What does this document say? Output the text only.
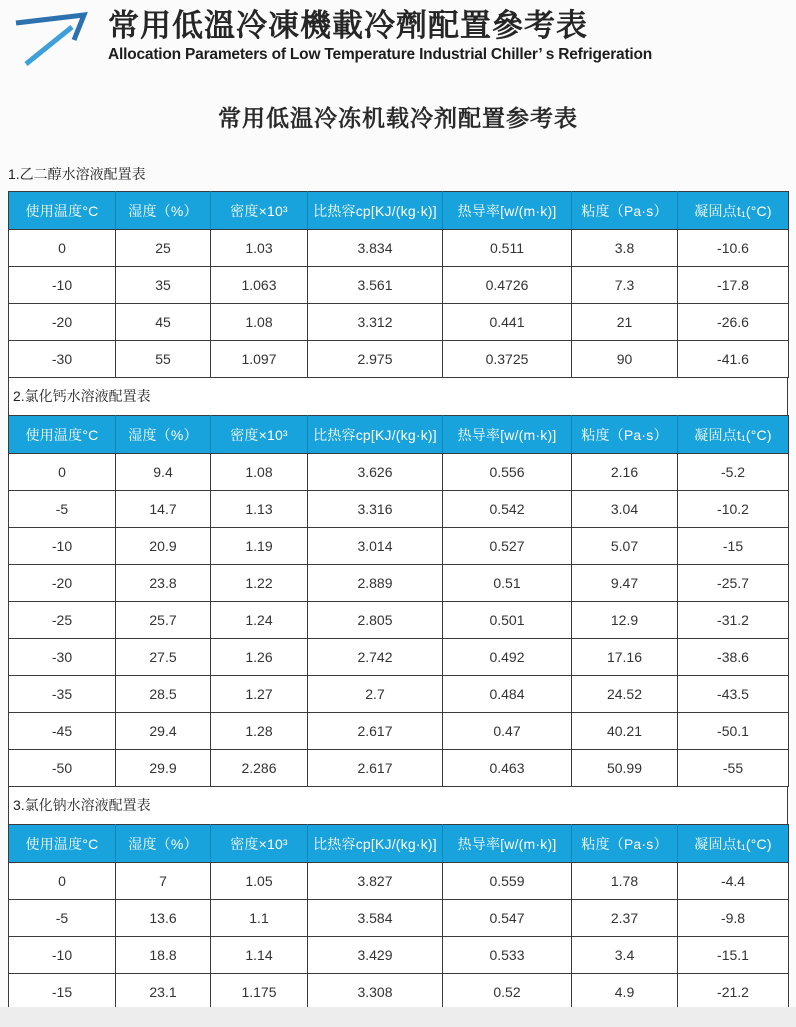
常用低溫冷凍機載冷劑配置參考表
Allocation Parameters of Low Temperature Industrial Chiller’ s Refrigeration
常用低温冷冻机载冷剂配置参考表
1.乙二醇水溶液配置表
使用温度°C	湿度（%）	密度×10³	比热容cp[KJ/(kg·k)]	热导率[w/(m·k)]	粘度（Pa·s）	凝固点t₁(°C)
0	25	1.03	3.834	0.511	3.8	-10.6
-10	35	1.063	3.561	0.4726	7.3	-17.8
-20	45	1.08	3.312	0.441	21	-26.6
-30	55	1.097	2.975	0.3725	90	-41.6
2.氯化钙水溶液配置表
使用温度°C	湿度（%）	密度×10³	比热容cp[KJ/(kg·k)]	热导率[w/(m·k)]	粘度（Pa·s）	凝固点t₁(°C)
0	9.4	1.08	3.626	0.556	2.16	-5.2
-5	14.7	1.13	3.316	0.542	3.04	-10.2
-10	20.9	1.19	3.014	0.527	5.07	-15
-20	23.8	1.22	2.889	0.51	9.47	-25.7
-25	25.7	1.24	2.805	0.501	12.9	-31.2
-30	27.5	1.26	2.742	0.492	17.16	-38.6
-35	28.5	1.27	2.7	0.484	24.52	-43.5
-45	29.4	1.28	2.617	0.47	40.21	-50.1
-50	29.9	2.286	2.617	0.463	50.99	-55
3.氯化钠水溶液配置表
使用温度°C	湿度（%）	密度×10³	比热容cp[KJ/(kg·k)]	热导率[w/(m·k)]	粘度（Pa·s）	凝固点t₁(°C)
0	7	1.05	3.827	0.559	1.78	-4.4
-5	13.6	1.1	3.584	0.547	2.37	-9.8
-10	18.8	1.14	3.429	0.533	3.4	-15.1
-15	23.1	1.175	3.308	0.52	4.9	-21.2
